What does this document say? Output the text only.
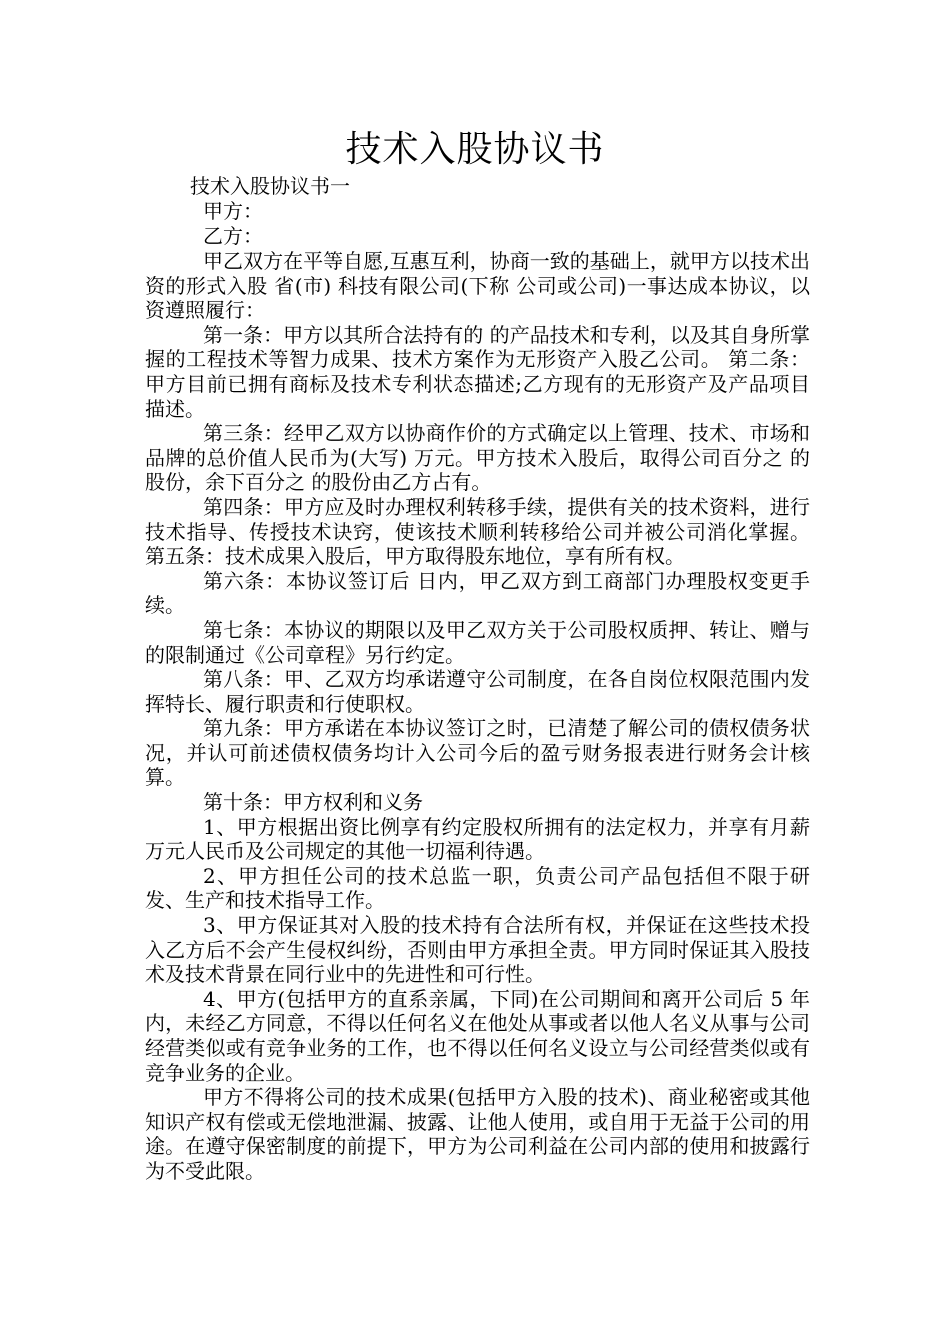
技术入股协议书
技术入股协议书一
甲方：
乙方：

甲乙双方在平等自愿,互惠互利，协商一致的基础上，就甲方以技术出资的形式入股 省(市) 科技有限公司(下称 公司或公司)一事达成本协议，以资遵照履行：

第一条：甲方以其所合法持有的 的产品技术和专利，以及其自身所掌握的工程技术等智力成果、技术方案作为无形资产入股乙公司。 第二条：甲方目前已拥有商标及技术专利状态描述;乙方现有的无形资产及产品项目描述。

第三条：经甲乙双方以协商作价的方式确定以上管理、技术、市场和品牌的总价值人民币为(大写) 万元。甲方技术入股后，取得公司百分之 的股份，余下百分之 的股份由乙方占有。

第四条：甲方应及时办理权利转移手续，提供有关的技术资料，进行技术指导、传授技术诀窍，使该技术顺利转移给公司并被公司消化掌握。 第五条：技术成果入股后，甲方取得股东地位，享有所有权。

第六条：本协议签订后 日内，甲乙双方到工商部门办理股权变更手续。

第七条：本协议的期限以及甲乙双方关于公司股权质押、转让、赠与的限制通过《公司章程》另行约定。

第八条：甲、乙双方均承诺遵守公司制度，在各自岗位权限范围内发挥特长、履行职责和行使职权。

第九条：甲方承诺在本协议签订之时，已清楚了解公司的债权债务状况，并认可前述债权债务均计入公司今后的盈亏财务报表进行财务会计核算。

第十条：甲方权利和义务

1、甲方根据出资比例享有约定股权所拥有的法定权力，并享有月薪 万元人民币及公司规定的其他一切福利待遇。

2、甲方担任公司的技术总监一职，负责公司产品包括但不限于研发、生产和技术指导工作。

3、甲方保证其对入股的技术持有合法所有权，并保证在这些技术投入乙方后不会产生侵权纠纷，否则由甲方承担全责。甲方同时保证其入股技术及技术背景在同行业中的先进性和可行性。

4、甲方(包括甲方的直系亲属，下同)在公司期间和离开公司后 5 年内，未经乙方同意，不得以任何名义在他处从事或者以他人名义从事与公司经营类似或有竞争业务的工作，也不得以任何名义设立与公司经营类似或有竞争业务的企业。

甲方不得将公司的技术成果(包括甲方入股的技术)、商业秘密或其他知识产权有偿或无偿地泄漏、披露、让他人使用，或自用于无益于公司的用途。在遵守保密制度的前提下，甲方为公司利益在公司内部的使用和披露行为不受此限。
